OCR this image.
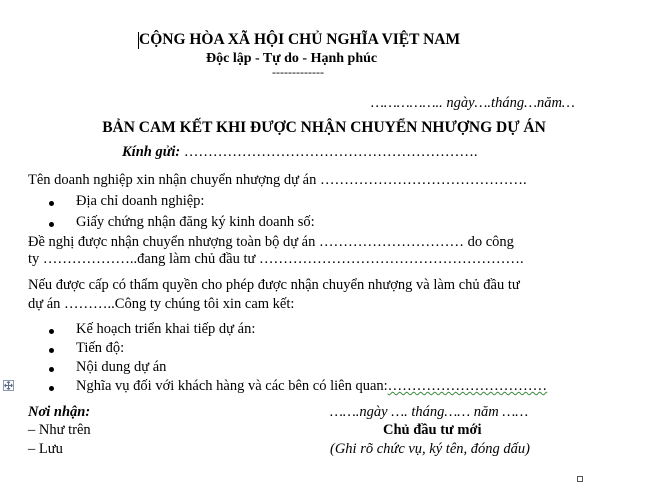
CỘNG HÒA XÃ HỘI CHỦ NGHĨA VIỆT NAM
Độc lập - Tự do - Hạnh phúc
-------------
…………….. ngày….tháng…năm…
BẢN CAM KẾT KHI ĐƯỢC NHẬN CHUYỂN NHƯỢNG DỰ ÁN
Kính gửi: …………………………………………………….
Tên doanh nghiệp xin nhận chuyển nhượng dự án …………………………………….
Địa chỉ doanh nghiệp:
Giấy chứng nhận đăng ký kinh doanh số:
Đề nghị được nhận chuyển nhượng toàn bộ dự án ………………………… do công
ty ………………..đang làm chủ đầu tư ……………………………………………….
Nếu được cấp có thẩm quyền cho phép được nhận chuyển nhượng và làm chủ đầu tư
dự án ………..Công ty chúng tôi xin cam kết:
Kế hoạch triển khai tiếp dự án:
Tiến độ:
Nội dung dự án
Nghĩa vụ đối với khách hàng và các bên có liên quan:……………………………
Nơi nhận:
– Như trên
– Lưu
…….ngày …. tháng…… năm ……
Chủ đầu tư mới
(Ghi rõ chức vụ, ký tên, đóng dấu)
